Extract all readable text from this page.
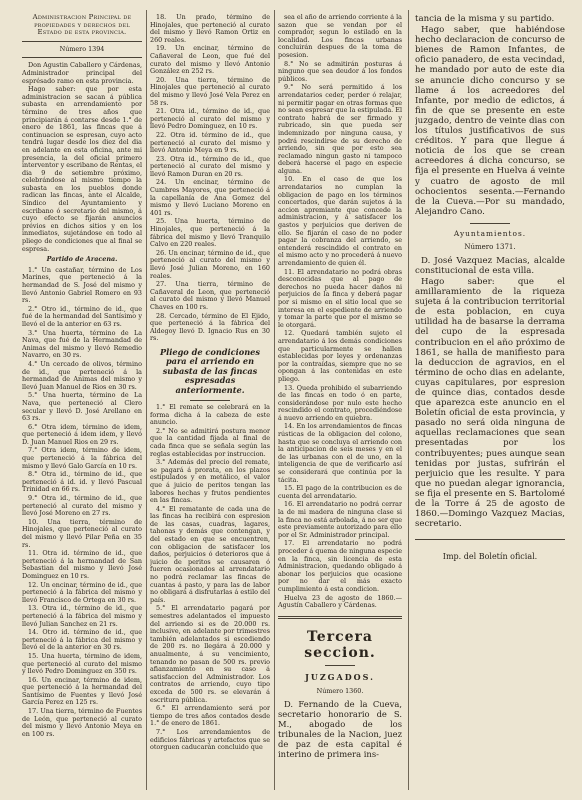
Administracion Principal de propiedades y derechos del Estado de esta provincia.
Número 1394

Don Agustin Caballero y Cárdenas, Administrador principal del esprésado ramo en esta provincia.

Hago saber: que por esta administracion se sacan á pública subasta en arrendamiento por término de tres años que principiarán á contarse desde 1.° de enero de 1861, las fincas que á continuacion se espresan, cuyo acto tendrá lugar desde los diez del dia en adelante en esta oficina, ante mi presencia, la del oficial primero interventor y escribano de Rentas, el dia 9 de setiembre próximo, celebrándose al mismo tiempo la subasta en los pueblos donde radican las fincas, ante el Alcalde, Síndico del Ayuntamiento y escribano ó secretario del mismo, á cuyo efecto se fijarán anuncios prévios en dichos sitios y en los inmediatos, sujetándose en todo al pliego de condiciones que al final se espresa.

Partido de Aracena.

1.° Un castañar, término de Los Marines, que perteneció á la hermandad de S. José del mismo y llevó Antonio Gabriel Romero en 93 rs.

2.° Otro id., término de id., que fué de la hermandad del Santísimo y llevó el de la anterior en 63 rs.

3.° Una huerta, término de La Nava, que fué de la Hermandad de Animas del mismo y llevó Remedio Navarro, en 30 rs.

4.° Un cercado de olivos, término de id., que perteneció á la hermandad de Animas del mismo y llevó Juan Manuel de Rios en 30 rs.

5.° Una huerta, término de La Nava, que perteneció al Clero secular y llevó D. José Arellano en 63 rs.

6.° Otra idem, término de idem, que perteneció á idem idem, y llevó D. Juan Manuel Rios en 29 rs.

7.° Otra idem, término de idem, que perteneció á la fábrica del mismo y llevó Galo García en 10 rs.

8.° Otra id., término de id., que perteneció á id. id. y llevó Pascual Trinidad en 66 rs.

9.° Otra id., término de id., que perteneció al curato del mismo y llevó José Moreno en 27 rs.

10. Una tierra, término de Hinojales, que perteneció al curato del mismo y llevó Pilar Peña en 35 rs.

11. Otra id. término de id., que perteneció á la hermandad de San Sebastian del mismo y llevó José Dominguez en 10 rs.

12. Un encinar, término de id., que perteneció á la fábrica del mismo y llevó Francisco de Ortega en 30 rs.

13. Otra id., término de id., que perteneció á la fábrica del mismo y llevó Julian Sanchez en 21 rs.

14. Otro id. término de id., que perteneció á la fábrica del mismo y llevó el de la anterior en 30 rs.

15. Una huerta, término de idem, que perteneció al curato del mismo y llevó Pedro Dominguez en 350 rs.

16. Un encinar, término de idem, que perteneció á la hermandad del Santísimo de Fuentes y llevó José García Perez en 125 rs.

17. Una tierra, término de Fuentes de León, que perteneció al curato del mismo y llevó Antonio Meya en en 100 rs.

18. Un prado, término de Hinojales, que perteneció al curato del mismo y llevó Ramon Ortiz en 260 reales.

19. Un encinar, término de Cañaveral de Leon, que fué del curato del mismo y llevó Antonio González en 252 rs.

20. Una tierra, término de Hinojales que perteneció al curato del mismo y llevó José Vela Perez en 58 rs.

21. Otra id., término de id., que perteneció al curato del mismo y llevó Pedro Dominguez, en 10 rs.

22. Otra id. término de id., que perteneció al curato del mismo y llevó Antonio Meya en 9 rs.

23. Otra id., término de id., que perteneció al curato del mismo y llevó Ramon Duran en 20 rs.

24. Un encinar, término de Cumbres Mayores, que perteneció á la capellanía de Ana Gomez del mismo y llevó Luciano Moreno en 401 rs.

25. Una huerta, término de Hinojales, que perteneció á la fábrica del mismo y llevó Tranquilo Calvo en 220 reales.

26. Un encinar, término de id., que perteneció al curato del mismo y llevó José Julian Moreno, en 160 reales.

27. Una tierra, término de Cañaveral de Leon, que perteneció al curato del mismo y llevó Manuel Chaves en 100 rs.

28. Cercado, término de El Ejido, que perteneció á la fábrica del Aldegoy llevó D. Ignacio Rus en 30 rs.

Pliego de condiciones para el arriendo en subasta de las fincas espresadas anteriormente.

1.° El remate se celebrará en la forma dicha á la cabeza de este anuncio.

2.° No se admitirá postura menor que la cantidad fijada al final de cada finca que se señala según las reglas establecidas por instruccion.

3.° Además del precio del remate, se pagará á prorata, en los plazos estipulados y en metálico, el valor que á juicio de peritos tengan las labores hechas y frutos pendientes en las fincas.

4.° El rematante de cada una de las fincas ha recibirá con espresion de las casas, cuadras, lagares, tahonas y demás que contengan, y del estado en que se encuentren, con obligacion de satisfacer los daños, perjuicios ó deterioros que á juicio de peritos se causaren ó fueren ocasionados al arrendatario no podrá reclamar las fincas de cuantas á pasto, y para las de labor no obligará á disfrutarlas á estilo del país.

5.° El arrendatario pagará por semestres adelantados el impuesto del arriendo si es de 20.000 rs. inclusive, en adelante por trimestres también adelantados si escediendo de 200 rs. no llegára á 20.000 y anualmente, á su vencimiento, tenando no pasan de 500 rs. previo afianzamiento en su caso á satisfaccion del Administrador. Los contratos de arriendo, cuyo tipo exceda de 500 rs. se elevarán á escritura pública.

6.° El arrendamiento será por tiempo de tres años contados desde 1.° de enero de 1861.

7.° Los arrendamientos de edificios fábricas y artefactos que se otorguen caducarán concluido que

sea el año de arriendo corriente á la sazon que se vendan por el comprador, segun lo estilado en la localidad. Los fincas urbanas concluirán despues de la toma de posesion.

8.° No se admitirán posturas á ninguno que sea deudor á los fondos públicos.

9.° No será permitido á los arrendatarios ceder, perder ó relajar, ni permitir pagar en otras formas que no sean espresar que la estipulada. El contrato habrá de ser firmado y rubricado, sin que pueda ser indemnizado por ninguna causa, y podrá rescindirse de su derecho de arriendo, sin que por esto sea reclamado ningun gasto ni tampoco deberá hacerse el pago en especie alguna.

10. En el caso de que los arrendatarios no cumplan la obligacion de pago en los términos concertados, que darán sujetos á la accion apremiante que concede la administracion, y á satisfacer los gastos y perjuicios que deriven de ello. Se fijarán el caso de no poder pagar la cobranza del arriendo, se entenderá rescindido el contrato en el mismo acto y no procederá á nuevo arrendamiento de quien él.

11. El arrendatario no podrá obras desconocidas que al pago de derechos no pueda hacer daños ni perjuicios de la finca y deberá pagar por si mismo en el sitio local que se interesa en el espediente de arriendo y tomar la parte que por el mismo se le otorgará.

12. Quedará también sujeto el arrendatario á los demás condiciones que particularmente se hallen establecidas por leyes y ordenanzas por la contraídas, siempre que no se opongan á las contenidas en este pliego.

13. Queda prohibido el subarriendo de las fincas en todo ó en parte, considerándose por nulo este hecho rescindido el contrato, procediéndose á nuevo arriendo en quiebra.

14. En los arrendamientos de fincas rústicas de la obligacion del colono, hasta que se concluya el arriendo con la anticipacion de seis meses y en el de las urbanas con el de uno, en la inteligencia de que de verificarlo así se considerará que continúa por la tácita.

15. El pago de la contribucion es de cuenta del arrendatario.

16. El arrendatario no podrá cerrar la de mi madera de ninguna clase si la finca no está arbolada, á no ser que este previamente autorizado para ello por el Sr. Administrador principal.

17. El arrendatario no podrá proceder á quema de ninguna especie en la finca, sin licencia de esta Administracion, quedando obligado á abonar los perjuicios que ocasione por no dar el más exacto cumplimiento á esta condicion.

Huelva 23 de agosto de 1860.—Agustín Caballero y Cárdenas.

Tercera seccion.
JUZGADOS.
Número 1360.

D. Fernando de la Cueva, secretario honorario de S. M., abogado de los tribunales de la Nacion, juez de paz de esta capital é interino de primera ins-

tancia de la misma y su partido.

Hago saber, que habiéndose hecho declaracion de concurso de bienes de Ramon Infantes, de oficio panadero, de esta vecindad, he mandado por auto de este dia se anuncie dicho concurso y se llame á los acreedores del Infante, por medio de edictos, á fin de que se presente en este juzgado, dentro de veinte dias con los títulos justificativos de sus créditos. Y para que llegue á noticia de los que se crean acreedores á dicha concurso, se fija el presente en Huelva á veinte y cuatro de agosto de mil ochocientos sesenta.—Fernando de la Cueva.—Por su mandado, Alejandro Cano.

Ayuntamientos.
Número 1371.

D. José Vazquez Macias, alcalde constitucional de esta villa.

Hago saber: que el amillaramiento de la riqueza sujeta á la contribucion territorial de esta poblacion, en cuya utilidad ha de basarse la derrama del cupo de la espresada contribucion en el año próximo de 1861, se halla de manifiesto para la deduccion de agravios, en el término de ocho dias en adelante, cuyas capitulares, por espresion de quince dias, contados desde que aparezca este anuncio en el Boletín oficial de esta provincia, y pasado no será oida ninguna de aquellas reclamaciones que sean presentadas por los contribuyentes; pues aunque sean tenidas por justas, sufrirán el perjuicio que les resulte. Y para que no puedan alegar ignorancia, se fija el presente en S. Bartolomé de la Torre á 25 de agosto de 1860.—Domingo Vazquez Macias, secretario.

Imp. del Boletín oficial.
